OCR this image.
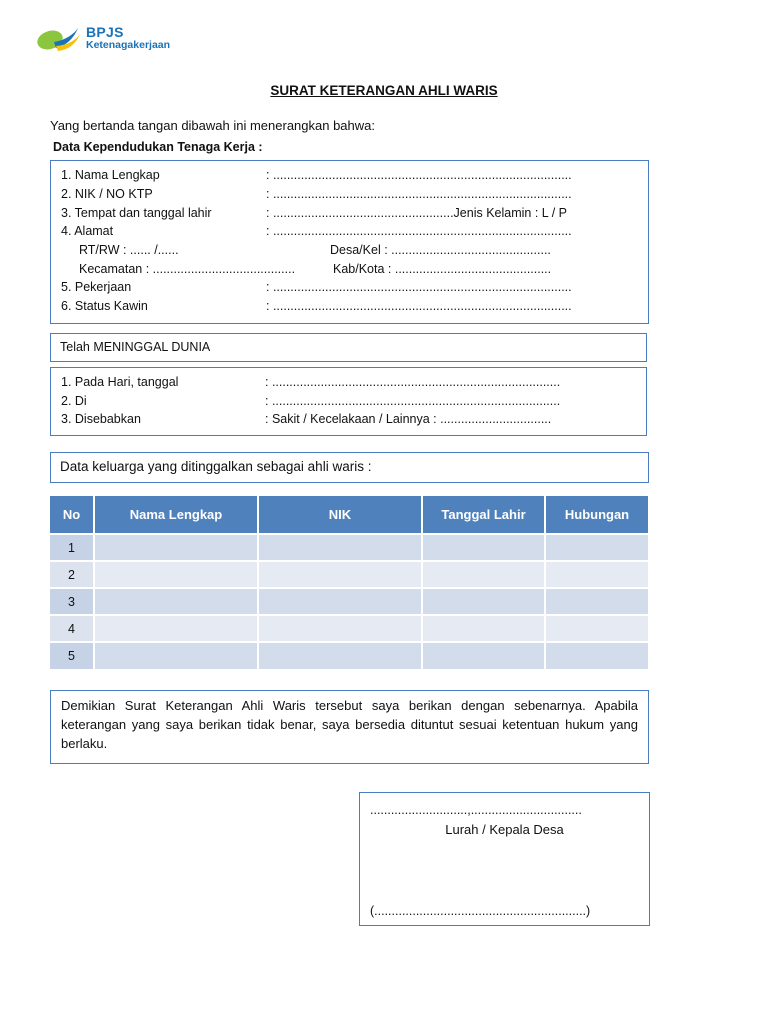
BPJS
Ketenagakerjaan
SURAT KETERANGAN AHLI WARIS
Yang bertanda tangan dibawah ini menerangkan bahwa:
Data Kependudukan Tenaga Kerja :
1. Nama Lengkap	: ......................................................................................
2. NIK / NO KTP	: ......................................................................................
3. Tempat dan tanggal lahir	: ....................................................Jenis Kelamin : L / P
4. Alamat	: ......................................................................................
RT/RW : ...... /......	Desa/Kel : ..............................................
Kecamatan : .........................................	Kab/Kota : .............................................
5. Pekerjaan	: ......................................................................................
6. Status Kawin	: ......................................................................................
Telah MENINGGAL DUNIA
1. Pada Hari, tanggal	: ...................................................................................
2. Di	: ...................................................................................
3. Disebabkan	: Sakit / Kecelakaan / Lainnya : ................................
Data keluarga yang ditinggalkan sebagai ahli waris :
No	Nama Lengkap	NIK	Tanggal Lahir	Hubungan
1				
2				
3				
4				
5				
Demikian Surat Keterangan Ahli Waris tersebut saya berikan dengan sebenarnya. Apabila keterangan yang saya berikan tidak benar, saya bersedia dituntut sesuai ketentuan hukum yang berlaku.
............................,................................
Lurah / Kepala Desa
(.............................................................)
